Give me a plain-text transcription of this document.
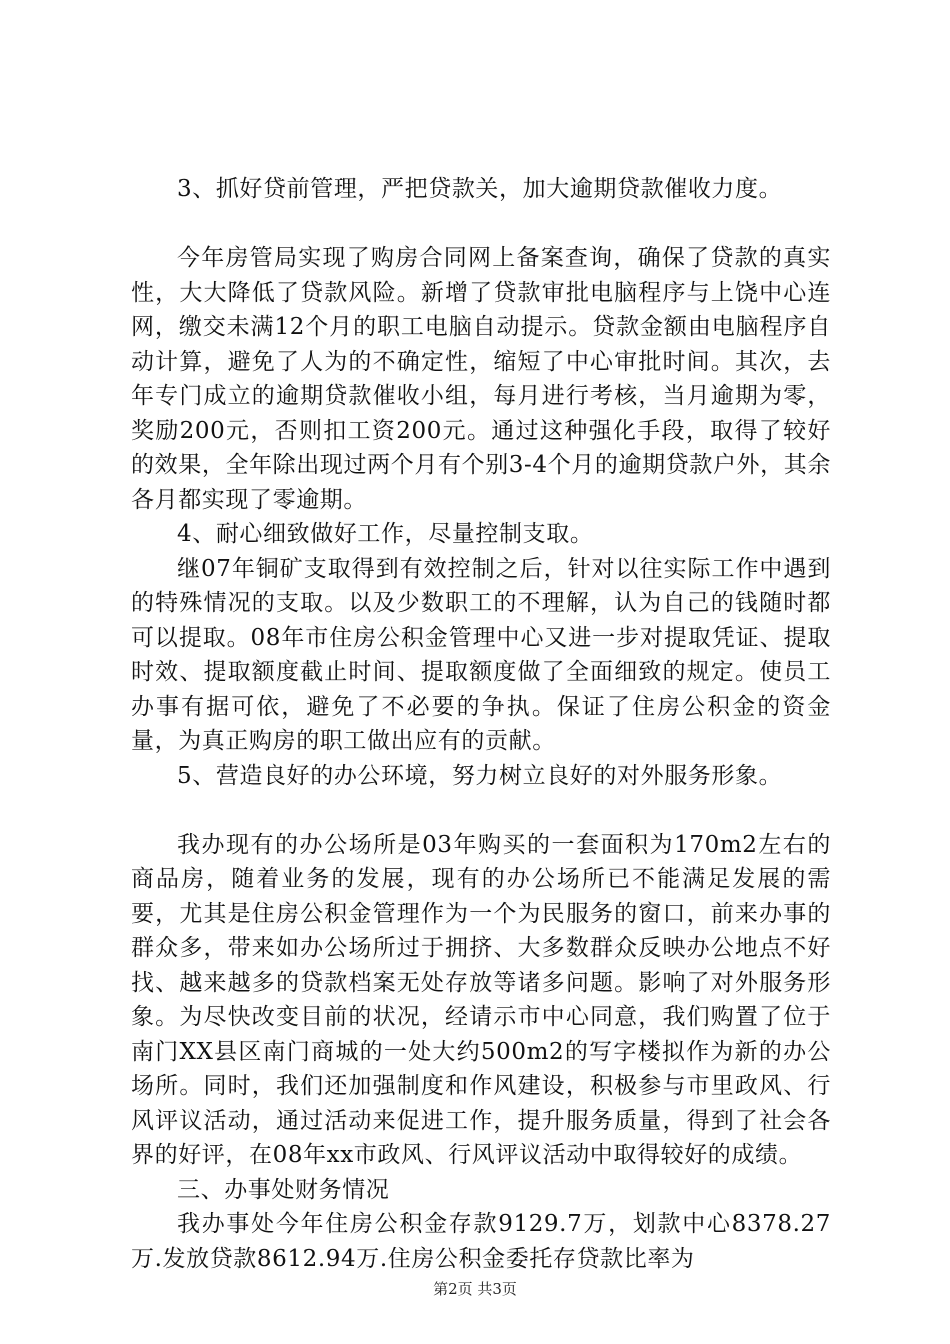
3、抓好贷前管理，严把贷款关，加大逾期贷款催收力度。

今年房管局实现了购房合同网上备案查询，确保了贷款的真实性，大大降低了贷款风险。新增了贷款审批电脑程序与上饶中心连网，缴交未满12个月的职工电脑自动提示。贷款金额由电脑程序自动计算，避免了人为的不确定性，缩短了中心审批时间。其次，去年专门成立的逾期贷款催收小组，每月进行考核，当月逾期为零，奖励200元，否则扣工资200元。通过这种强化手段，取得了较好的效果，全年除出现过两个月有个别3-4个月的逾期贷款户外，其余各月都实现了零逾期。

4、耐心细致做好工作，尽量控制支取。

继07年铜矿支取得到有效控制之后，针对以往实际工作中遇到的特殊情况的支取。以及少数职工的不理解，认为自己的钱随时都可以提取。08年市住房公积金管理中心又进一步对提取凭证、提取时效、提取额度截止时间、提取额度做了全面细致的规定。使员工办事有据可依，避免了不必要的争执。保证了住房公积金的资金量，为真正购房的职工做出应有的贡献。

5、营造良好的办公环境，努力树立良好的对外服务形象。

我办现有的办公场所是03年购买的一套面积为170m2左右的商品房，随着业务的发展，现有的办公场所已不能满足发展的需要，尤其是住房公积金管理作为一个为民服务的窗口，前来办事的群众多，带来如办公场所过于拥挤、大多数群众反映办公地点不好找、越来越多的贷款档案无处存放等诸多问题。影响了对外服务形象。为尽快改变目前的状况，经请示市中心同意，我们购置了位于南门XX县区南门商城的一处大约500m2的写字楼拟作为新的办公场所。同时，我们还加强制度和作风建设，积极参与市里政风、行风评议活动，通过活动来促进工作，提升服务质量，得到了社会各界的好评，在08年xx市政风、行风评议活动中取得较好的成绩。

三、办事处财务情况

我办事处今年住房公积金存款9129.7万，划款中心8378.27万.发放贷款8612.94万.住房公积金委托存贷款比率为

第2页 共3页
